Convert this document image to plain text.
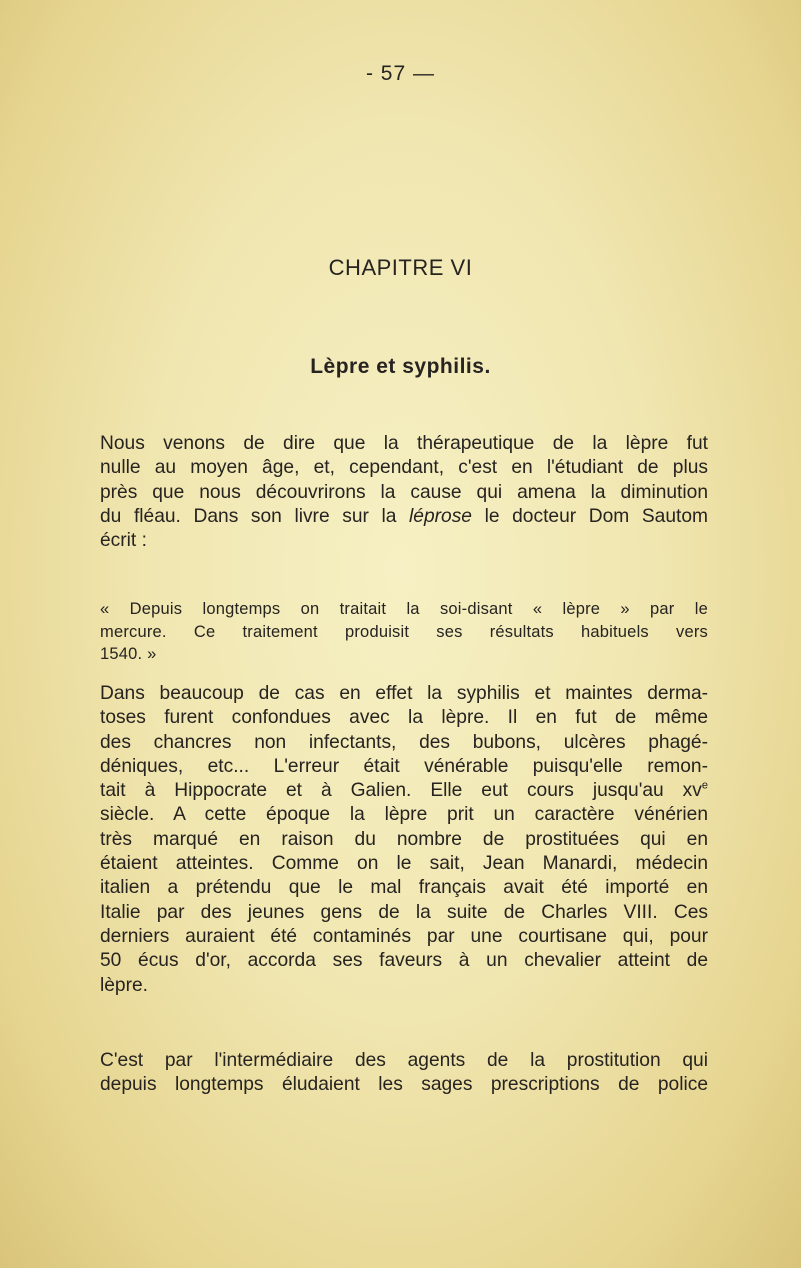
- 57 —
CHAPITRE VI
Lèpre et syphilis.
Nous venons de dire que la thérapeutique de la lèpre fut
nulle au moyen âge, et, cependant, c'est en l'étudiant de plus
près que nous découvrirons la cause qui amena la diminution
du fléau. Dans son livre sur la léprose le docteur Dom Sautom
écrit :
« Depuis longtemps on traitait la soi-disant « lèpre » par le
mercure. Ce traitement produisit ses résultats habituels vers
1540. »
Dans beaucoup de cas en effet la syphilis et maintes derma-
toses furent confondues avec la lèpre. Il en fut de même
des chancres non infectants, des bubons, ulcères phagé-
déniques, etc... L'erreur était vénérable puisqu'elle remon-
tait à Hippocrate et à Galien. Elle eut cours jusqu'au $xv^e$
siècle. A cette époque la lèpre prit un caractère vénérien
très marqué en raison du nombre de prostituées qui en
étaient atteintes. Comme on le sait, Jean Manardi, médecin
italien a prétendu que le mal français avait été importé en
Italie par des jeunes gens de la suite de Charles VIII. Ces
derniers auraient été contaminés par une courtisane qui, pour
50 écus d'or, accorda ses faveurs à un chevalier atteint de
lèpre.
C'est par l'intermédiaire des agents de la prostitution qui
depuis longtemps éludaient les sages prescriptions de police
